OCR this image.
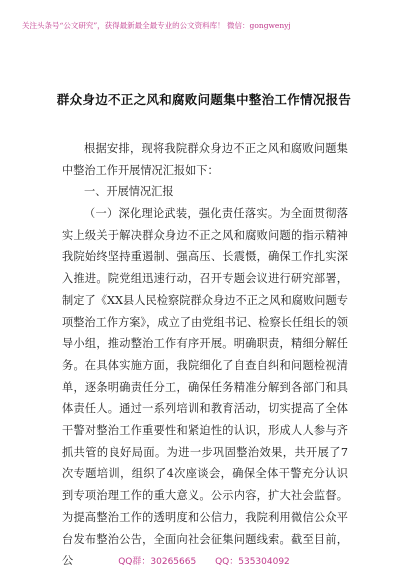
关注头条号“公文研究”，获得最新最全最专业的公文资料库！ 微信：gongwenyj
群众身边不正之风和腐败问题集中整治工作情况报告

根据安排，现将我院群众身边不正之风和腐败问题集中整治工作开展情况汇报如下：

一、开展情况汇报

（一）深化理论武装，强化责任落实。为全面贯彻落实上级关于解决群众身边不正之风和腐败问题的指示精神我院始终坚持重遏制、强高压、长震慑，确保工作扎实深入推进。院党组迅速行动，召开专题会议进行研究部署，制定了《XX县人民检察院群众身边不正之风和腐败问题专项整治工作方案》，成立了由党组书记、检察长任组长的领导小组，推动整治工作有序开展。明确职责，精细分解任务。在具体实施方面，我院细化了自查自纠和问题检视清单，逐条明确责任分工，确保任务精准分解到各部门和具体责任人。通过一系列培训和教育活动，切实提高了全体干警对整治工作重要性和紧迫性的认识，形成人人参与齐抓共管的良好局面。为进一步巩固整治效果，共开展了7次专题培训，组织了4次座谈会，确保全体干警充分认识到专项治理工作的重大意义。公示内容，扩大社会监督。为提高整治工作的透明度和公信力，我院利用微信公众平台发布整治公告，全面向社会征集问题线索。截至目前，公	QQ群：30265665 QQ：535304092
